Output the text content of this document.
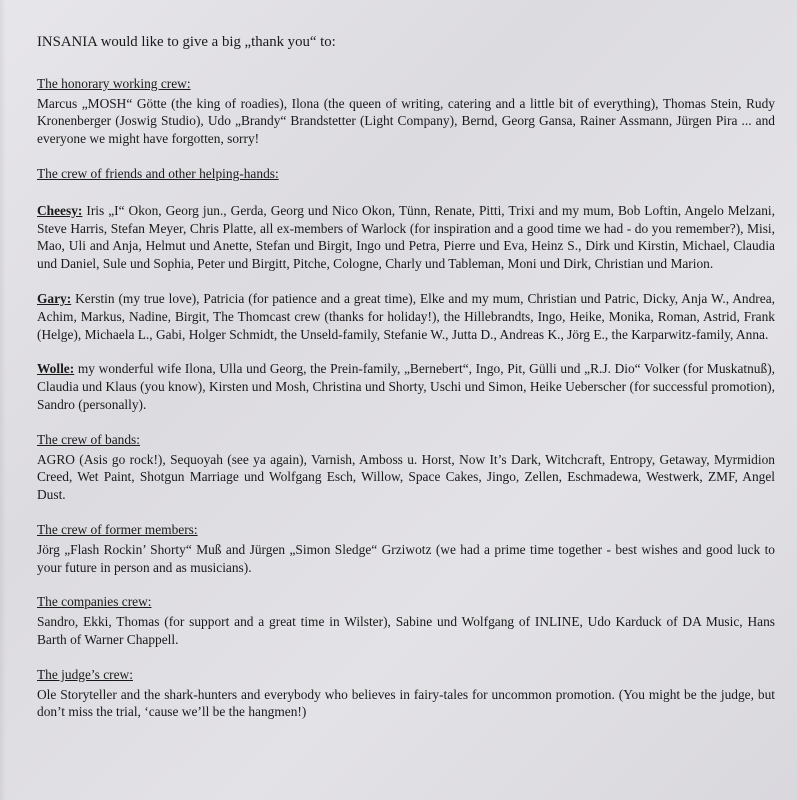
INSANIA would like to give a big „thank you“ to:
The honorary working crew:
Marcus „MOSH“ Götte (the king of roadies), Ilona (the queen of writing, catering and a little bit of everything), Thomas Stein, Rudy Kronenberger (Joswig Studio), Udo „Brandy“ Brandstetter (Light Company), Bernd, Georg Gansa, Rainer Assmann, Jürgen Pira ... and everyone we might have forgotten, sorry!
The crew of friends and other helping-hands:
Cheesy: Iris „I“ Okon, Georg jun., Gerda, Georg und Nico Okon, Tünn, Renate, Pitti, Trixi and my mum, Bob Loftin, Angelo Melzani, Steve Harris, Stefan Meyer, Chris Platte, all ex-members of Warlock (for inspiration and a good time we had - do you remember?), Misi, Mao, Uli and Anja, Helmut und Anette, Stefan und Birgit, Ingo und Petra, Pierre und Eva, Heinz S., Dirk und Kirstin, Michael, Claudia und Daniel, Sule und Sophia, Peter und Birgitt, Pitche, Cologne, Charly und Tableman, Moni und Dirk, Christian und Marion.
Gary: Kerstin (my true love), Patricia (for patience and a great time), Elke and my mum, Christian und Patric, Dicky, Anja W., Andrea, Achim, Markus, Nadine, Birgit, The Thomcast crew (thanks for holiday!), the Hillebrandts, Ingo, Heike, Monika, Roman, Astrid, Frank (Helge), Michaela L., Gabi, Holger Schmidt, the Unseld-family, Stefanie W., Jutta D., Andreas K., Jörg E., the Karparwitz-family, Anna.
Wolle: my wonderful wife Ilona, Ulla und Georg, the Prein-family, „Bernebert“, Ingo, Pit, Gülli und „R.J. Dio“ Volker (for Muskatnuß), Claudia und Klaus (you know), Kirsten und Mosh, Christina und Shorty, Uschi und Simon, Heike Ueberscher (for successful promotion), Sandro (personally).
The crew of bands:
AGRO (Asis go rock!), Sequoyah (see ya again), Varnish, Amboss u. Horst, Now It’s Dark, Witchcraft, Entropy, Getaway, Myrmidion Creed, Wet Paint, Shotgun Marriage und Wolfgang Esch, Willow, Space Cakes, Jingo, Zellen, Eschmadewa, Westwerk, ZMF, Angel Dust.
The crew of former members:
Jörg „Flash Rockin’ Shorty“ Muß and Jürgen „Simon Sledge“ Grziwotz (we had a prime time together - best wishes and good luck to your future in person and as musicians).
The companies crew:
Sandro, Ekki, Thomas (for support and a great time in Wilster), Sabine und Wolfgang of INLINE, Udo Karduck of DA Music, Hans Barth of Warner Chappell.
The judge’s crew:
Ole Storyteller and the shark-hunters and everybody who believes in fairy-tales for uncommon promotion. (You might be the judge, but don’t miss the trial, ‘cause we’ll be the hangmen!)
